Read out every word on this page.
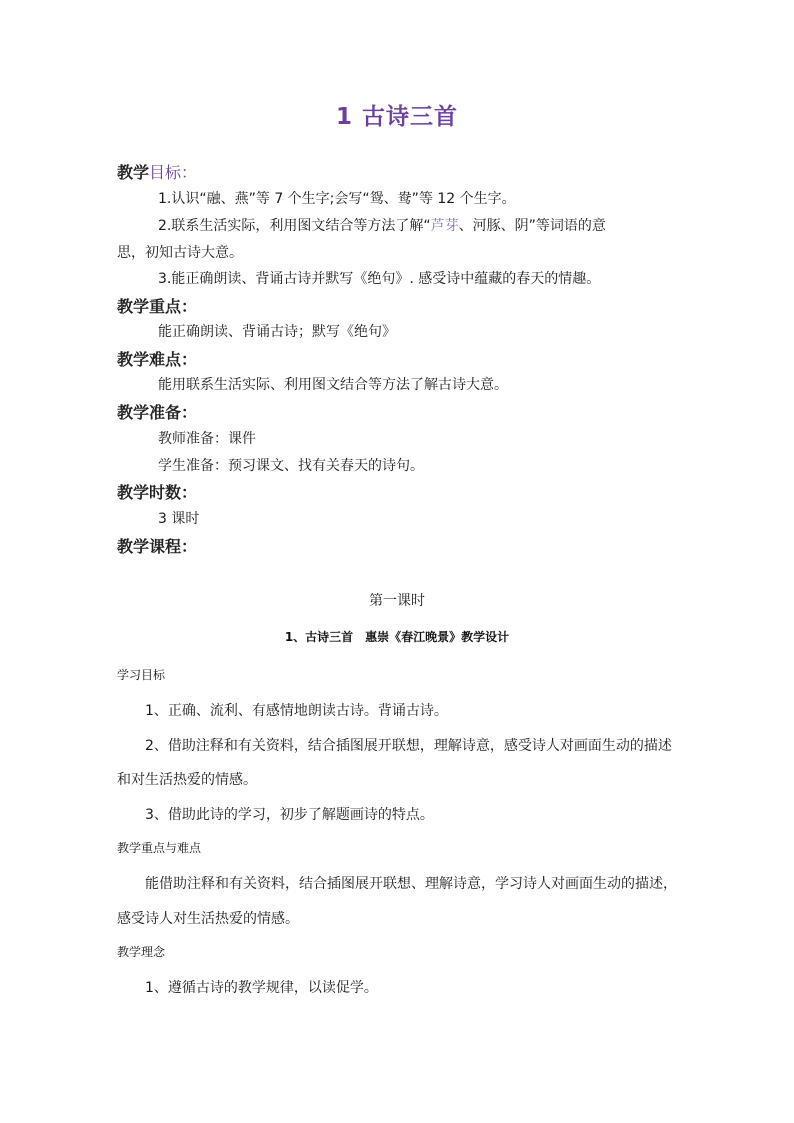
1 古诗三首
教学目标：
1.认识“融、燕”等 7 个生字;会写“鸳、鸯”等 12 个生字。
2.联系生活实际，利用图文结合等方法了解“芦芽、河豚、阴”等词语的意
思，初知古诗大意。
3.能正确朗读、背诵古诗并默写《绝句》. 感受诗中蕴藏的春天的情趣。
教学重点：
能正确朗读、背诵古诗；默写《绝句》
教学难点：
能用联系生活实际、利用图文结合等方法了解古诗大意。
教学准备：
教师准备：课件
学生准备：预习课文、找有关春天的诗句。
教学时数：
3 课时
教学课程：
第一课时
1、古诗三首　惠崇《春江晚景》教学设计
学习目标
1、正确、流利、有感情地朗读古诗。背诵古诗。
2、借助注释和有关资料，结合插图展开联想，理解诗意，感受诗人对画面生动的描述
和对生活热爱的情感。
3、借助此诗的学习，初步了解题画诗的特点。
教学重点与难点
能借助注释和有关资料，结合插图展开联想、理解诗意，学习诗人对画面生动的描述，
感受诗人对生活热爱的情感。
教学理念
1、遵循古诗的教学规律，以读促学。
